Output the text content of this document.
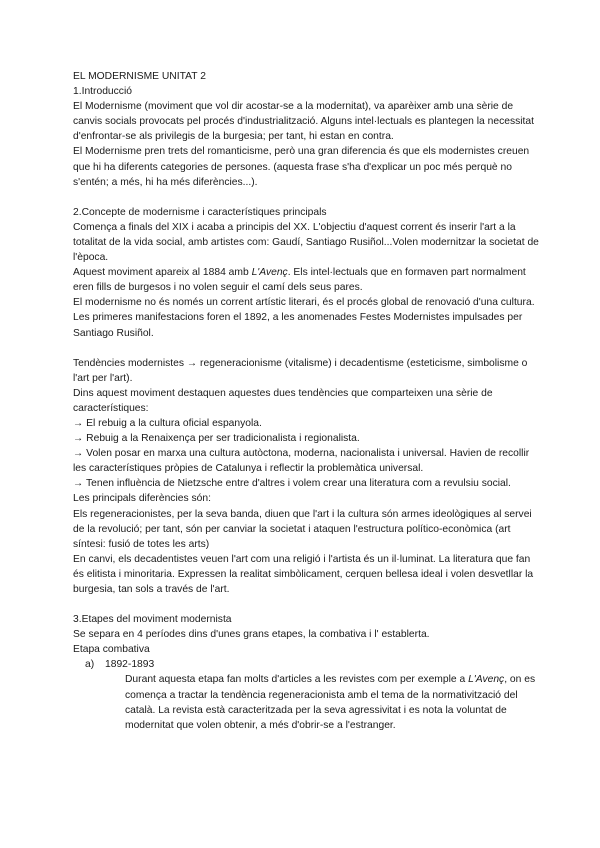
EL MODERNISME UNITAT 2

1.Introducció

El Modernisme (moviment que vol dir acostar-se a la modernitat), va aparèixer amb una sèrie de canvis socials provocats pel procés d'industrialització. Alguns intel·lectuals es plantegen la necessitat d'enfrontar-se als privilegis de la burgesia; per tant, hi estan en contra.

El Modernisme pren trets del romanticisme, però una gran diferencia és que els modernistes creuen que hi ha diferents categories de persones. (aquesta frase s'ha d'explicar un poc més perquè no s'entén; a més, hi ha més diferències...).

2.Concepte de modernisme i característiques principals

Comença a finals del XIX i acaba a principis del XX. L'objectiu d'aquest corrent és inserir l'art a la totalitat de la vida social, amb artistes com: Gaudí, Santiago Rusiñol...Volen modernitzar la societat de l'època.

Aquest moviment apareix al 1884 amb L'Avenç. Els intel·lectuals que en formaven part normalment eren fills de burgesos i no volen seguir el camí dels seus pares.

El modernisme no és només un corrent artístic literari, és el procés global de renovació d'una cultura.

Les primeres manifestacions foren el 1892, a les anomenades Festes Modernistes impulsades per Santiago Rusiñol.

Tendències modernistes → regeneracionisme (vitalisme) i decadentisme (esteticisme, simbolisme o l'art per l'art).

Dins aquest moviment destaquen aquestes dues tendències que comparteixen una sèrie de característiques:

→ El rebuig a la cultura oficial espanyola.

→ Rebuig a la Renaixença per ser tradicionalista i regionalista.

→ Volen posar en marxa una cultura autòctona, moderna, nacionalista i universal. Havien de recollir les característiques pròpies de Catalunya i reflectir la problemàtica universal.

→ Tenen influència de Nietzsche entre d'altres i volem crear una literatura com a revulsiu social.

Les principals diferències són:

Els regeneracionistes, per la seva banda, diuen que l'art i la cultura són armes ideològiques al servei de la revolució; per tant, són per canviar la societat i ataquen l'estructura político-econòmica (art síntesi: fusió de totes les arts)

En canvi, els decadentistes veuen l'art com una religió i l'artista és un il·luminat. La literatura que fan és elitista i minoritaria. Expressen la realitat simbòlicament, cerquen bellesa ideal i volen desvetllar la burgesia, tan sols a través de l'art.

3.Etapes del moviment modernista

Se separa en 4 períodes dins d'unes grans etapes, la combativa i l' establerta.

Etapa combativa

a) 1892-1893

Durant aquesta etapa fan molts d'articles a les revistes com per exemple a L'Avenç, on es comença a tractar la tendència regeneracionista amb el tema de la normativització del català. La revista està caracteritzada per la seva agressivitat i es nota la voluntat de modernitat que volen obtenir, a més d'obrir-se a l'estranger.
